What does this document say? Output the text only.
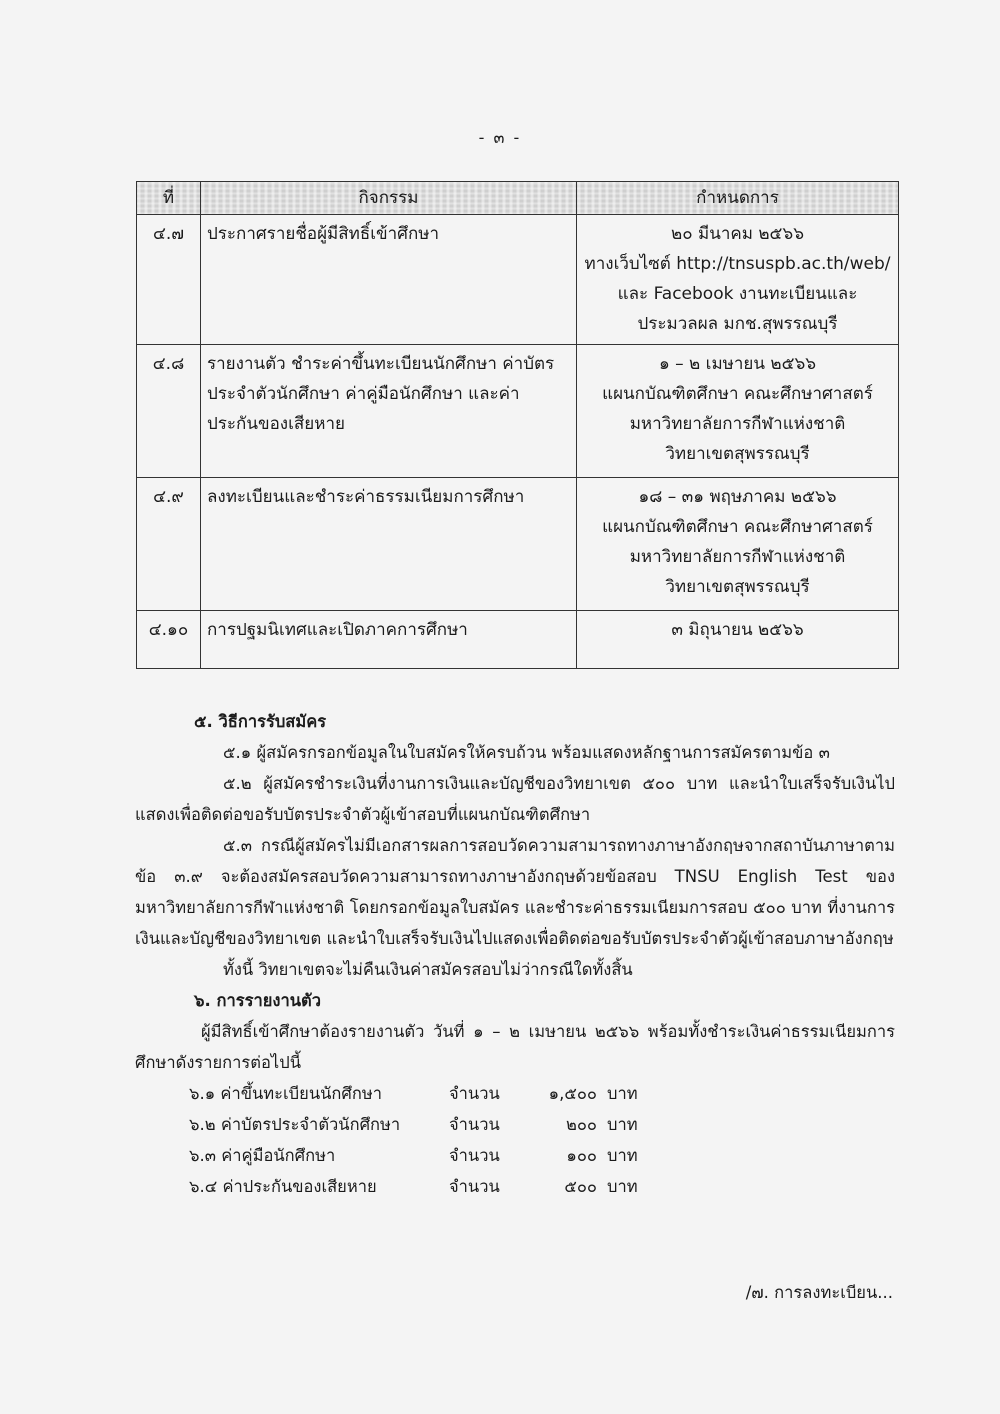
- ๓ -
ที่	กิจกรรม	กำหนดการ
๔.๗	ประกาศรายชื่อผู้มีสิทธิ์เข้าศึกษา	๒๐ มีนาคม ๒๕๖๖
ทางเว็บไซต์ http://tnsuspb.ac.th/web/
และ Facebook งานทะเบียนและ
ประมวลผล มกช.สุพรรณบุรี

๔.๘	รายงานตัว ชำระค่าขึ้นทะเบียนนักศึกษา ค่าบัตรประจำตัวนักศึกษา ค่าคู่มือนักศึกษา และค่าประกันของเสียหาย	๑ – ๒ เมษายน ๒๕๖๖
แผนกบัณฑิตศึกษา คณะศึกษาศาสตร์
มหาวิทยาลัยการกีฬาแห่งชาติ
วิทยาเขตสุพรรณบุรี

๔.๙	ลงทะเบียนและชำระค่าธรรมเนียมการศึกษา	๑๘ – ๓๑ พฤษภาคม ๒๕๖๖
แผนกบัณฑิตศึกษา คณะศึกษาศาสตร์
มหาวิทยาลัยการกีฬาแห่งชาติ
วิทยาเขตสุพรรณบุรี

๔.๑๐	การปฐมนิเทศและเปิดภาคการศึกษา	๓ มิถุนายน ๒๕๖๖

๕. วิธีการรับสมัคร

๕.๑ ผู้สมัครกรอกข้อมูลในใบสมัครให้ครบถ้วน พร้อมแสดงหลักฐานการสมัครตามข้อ ๓

๕.๒ ผู้สมัครชำระเงินที่งานการเงินและบัญชีของวิทยาเขต ๕๐๐ บาท และนำใบเสร็จรับเงินไปแสดงเพื่อติดต่อขอรับบัตรประจำตัวผู้เข้าสอบที่แผนกบัณฑิตศึกษา

๕.๓ กรณีผู้สมัครไม่มีเอกสารผลการสอบวัดความสามารถทางภาษาอังกฤษจากสถาบันภาษาตามข้อ ๓.๙ จะต้องสมัครสอบวัดความสามารถทางภาษาอังกฤษด้วยข้อสอบ TNSU English Test ของมหาวิทยาลัยการกีฬาแห่งชาติ โดยกรอกข้อมูลใบสมัคร และชำระค่าธรรมเนียมการสอบ ๕๐๐ บาท ที่งานการเงินและบัญชีของวิทยาเขต และนำใบเสร็จรับเงินไปแสดงเพื่อติดต่อขอรับบัตรประจำตัวผู้เข้าสอบภาษาอังกฤษ

ทั้งนี้ วิทยาเขตจะไม่คืนเงินค่าสมัครสอบไม่ว่ากรณีใดทั้งสิ้น

๖. การรายงานตัว

ผู้มีสิทธิ์เข้าศึกษาต้องรายงานตัว วันที่ ๑ – ๒ เมษายน ๒๕๖๖ พร้อมทั้งชำระเงินค่าธรรมเนียมการศึกษาดังรายการต่อไปนี้

๖.๑ ค่าขึ้นทะเบียนนักศึกษา	จำนวน	๑,๕๐๐ บาท
๖.๒ ค่าบัตรประจำตัวนักศึกษา	จำนวน	๒๐๐ บาท
๖.๓ ค่าคู่มือนักศึกษา	จำนวน	๑๐๐ บาท
๖.๔ ค่าประกันของเสียหาย	จำนวน	๕๐๐ บาท
/๗. การลงทะเบียน...
